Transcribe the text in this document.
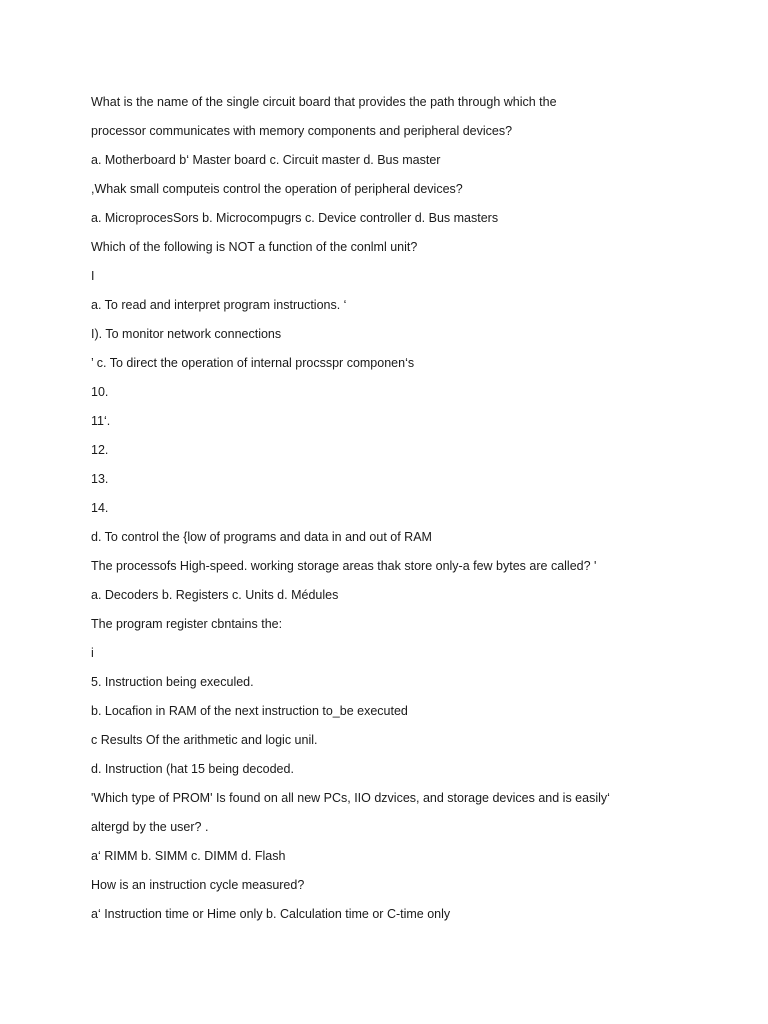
What is the name of the single circuit board that provides the path through which the
processor communicates with memory components and peripheral devices?
a. Motherboard b‘ Master board c. Circuit master d. Bus master
,Whak small computeis control the operation of peripheral devices?
a. MicroprocesSors b. Microcompugrs c. Device controller d. Bus masters
Which of the following is NOT a function of the conlml unit?
I
a. To read and interpret program instructions. ‘
I). To monitor network connections
’ c. To direct the operation of internal procsspr componen‘s
10.
11‘.
12.
13.
14.
d. To control the {low of programs and data in and out of RAM
The processofs High-speed. working storage areas thak store only-a few bytes are called? '
a. Decoders b. Registers c. Units d. Médules
The program register cbntains the:
i
5. Instruction being execuled.
b. Locafion in RAM of the next instruction to_be executed
c Results Of the arithmetic and logic unil.
d. Instruction (hat 15 being decoded.
'Which type of PROM' Is found on all new PCs, IIO dzvices, and storage devices and is easily‘
altergd by the user? .
a‘ RIMM b. SIMM c. DIMM d. Flash
How is an instruction cycle measured?
a‘ Instruction time or Hime only b. Calculation time or C-time only
